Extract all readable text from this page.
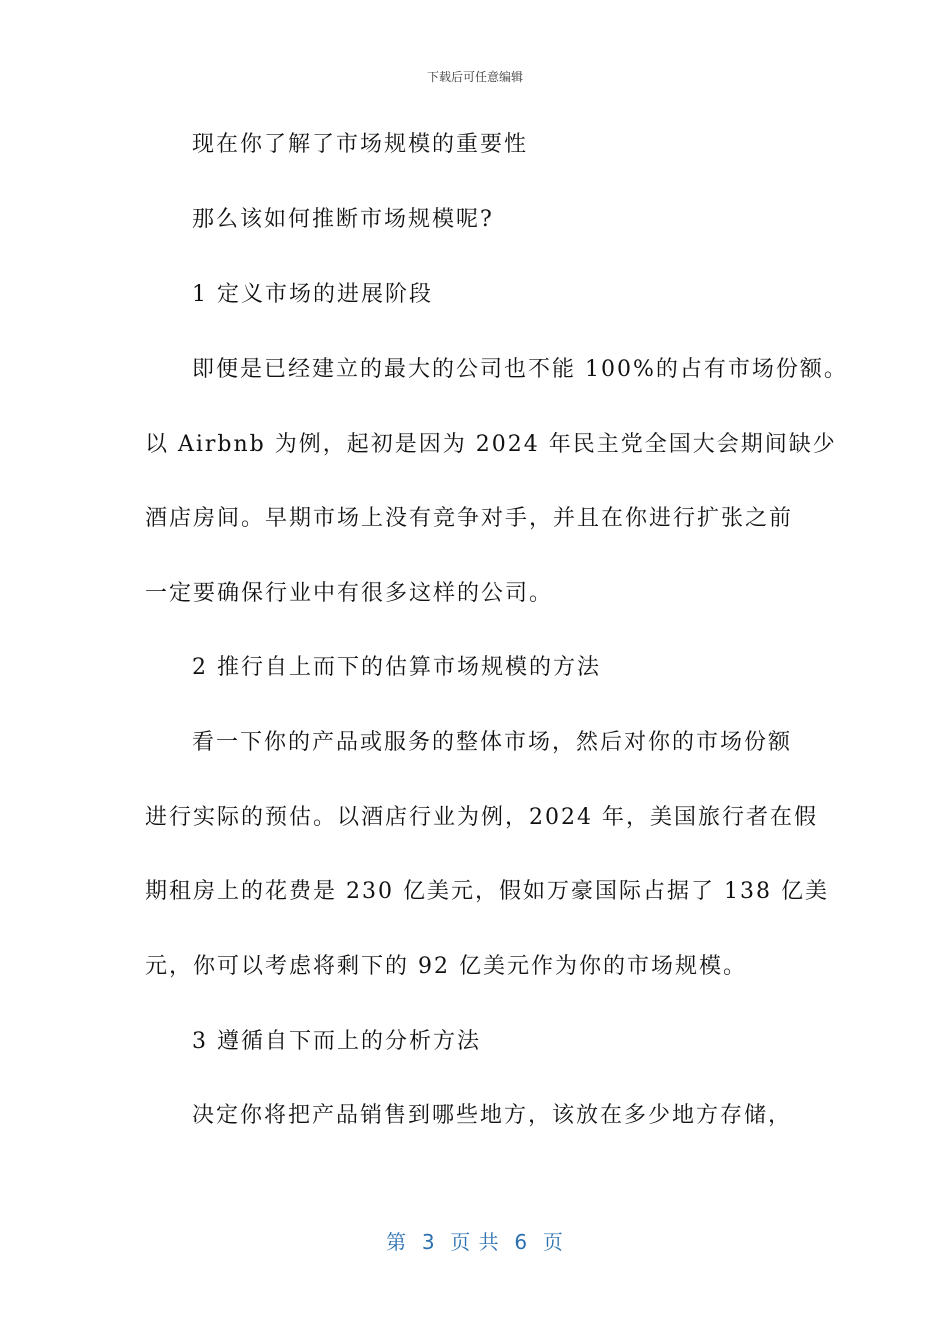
下载后可任意编辑
现在你了解了市场规模的重要性
那么该如何推断市场规模呢?
1 定义市场的进展阶段
即便是已经建立的最大的公司也不能 100%的占有市场份额。
以 Airbnb 为例，起初是因为 2024 年民主党全国大会期间缺少
酒店房间。早期市场上没有竞争对手，并且在你进行扩张之前
一定要确保行业中有很多这样的公司。
2 推行自上而下的估算市场规模的方法
看一下你的产品或服务的整体市场，然后对你的市场份额
进行实际的预估。以酒店行业为例，2024 年，美国旅行者在假
期租房上的花费是 230 亿美元，假如万豪国际占据了 138 亿美
元，你可以考虑将剩下的 92 亿美元作为你的市场规模。
3 遵循自下而上的分析方法
决定你将把产品销售到哪些地方，该放在多少地方存储，
第  3  页 共  6  页
